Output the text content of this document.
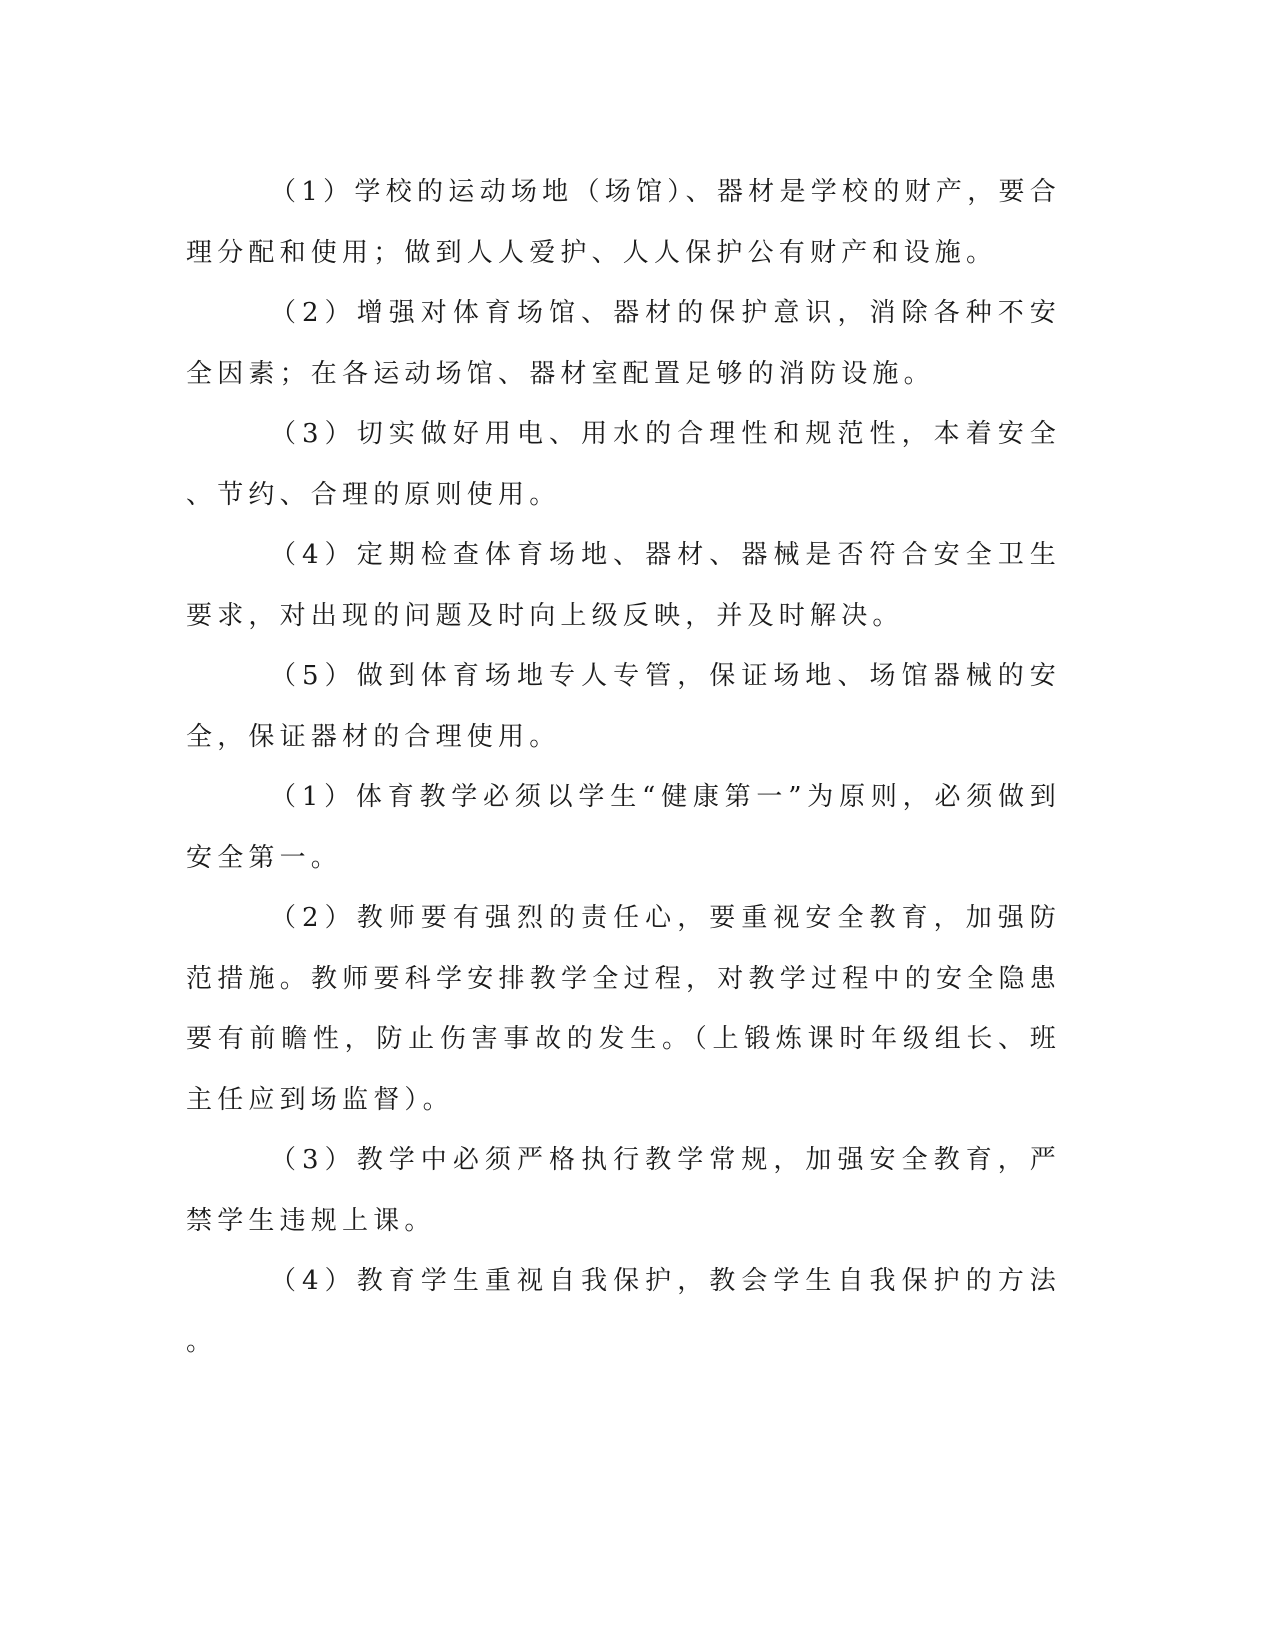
（1）学校的运动场地（场馆）、器材是学校的财产，要合理分配和使用；做到人人爱护、人人保护公有财产和设施。

（2）增强对体育场馆、器材的保护意识，消除各种不安全因素；在各运动场馆、器材室配置足够的消防设施。

（3）切实做好用电、用水的合理性和规范性，本着安全、节约、合理的原则使用。

（4）定期检查体育场地、器材、器械是否符合安全卫生要求，对出现的问题及时向上级反映，并及时解决。

（5）做到体育场地专人专管，保证场地、场馆器械的安全，保证器材的合理使用。

（1）体育教学必须以学生“健康第一”为原则，必须做到安全第一。

（2）教师要有强烈的责任心，要重视安全教育，加强防范措施。教师要科学安排教学全过程，对教学过程中的安全隐患要有前瞻性，防止伤害事故的发生。（上锻炼课时年级组长、班主任应到场监督）。

（3）教学中必须严格执行教学常规，加强安全教育，严禁学生违规上课。

（4）教育学生重视自我保护，教会学生自我保护的方法。
